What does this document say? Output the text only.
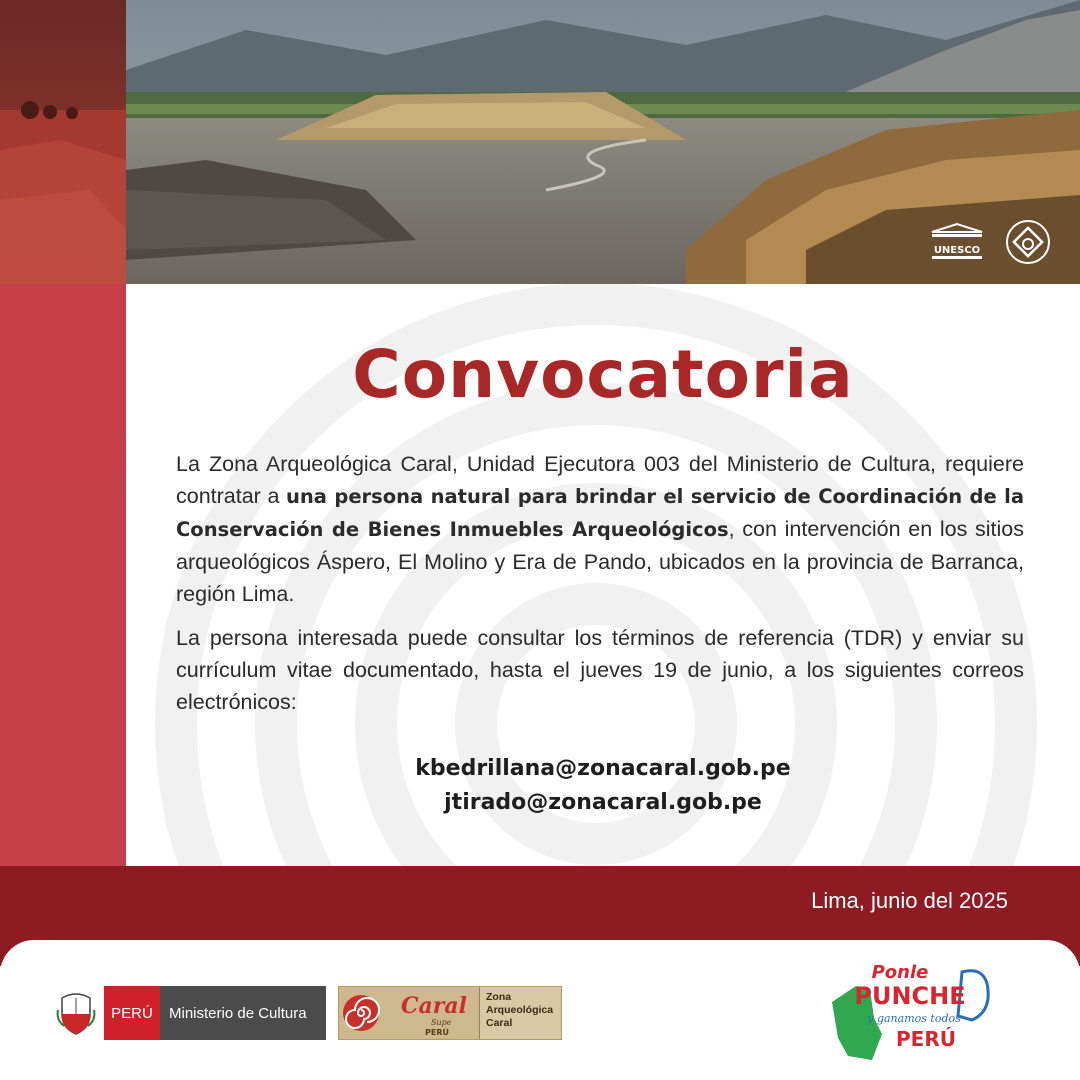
UNESCO
Convocatoria

La Zona Arqueológica Caral, Unidad Ejecutora 003 del Ministerio de Cultura, requiere contratar a una persona natural para brindar el servicio de Coordinación de la Conservación de Bienes Inmuebles Arqueológicos, con intervención en los sitios arqueológicos Áspero, El Molino y Era de Pando, ubicados en la provincia de Barranca, región Lima.

La persona interesada puede consultar los términos de referencia (TDR) y enviar su currículum vitae documentado, hasta el jueves 19 de junio, a los siguientes correos electrónicos:

kbedrillana@zonacaral.gob.pe
jtirado@zonacaral.gob.pe
Lima, junio del 2025
PERÚ	Ministerio de Cultura	Caral
Supe
PERÚ
Zona
Arqueológica
Caral
Ponle
PUNCHE
y ganamos todos
PERÚ
